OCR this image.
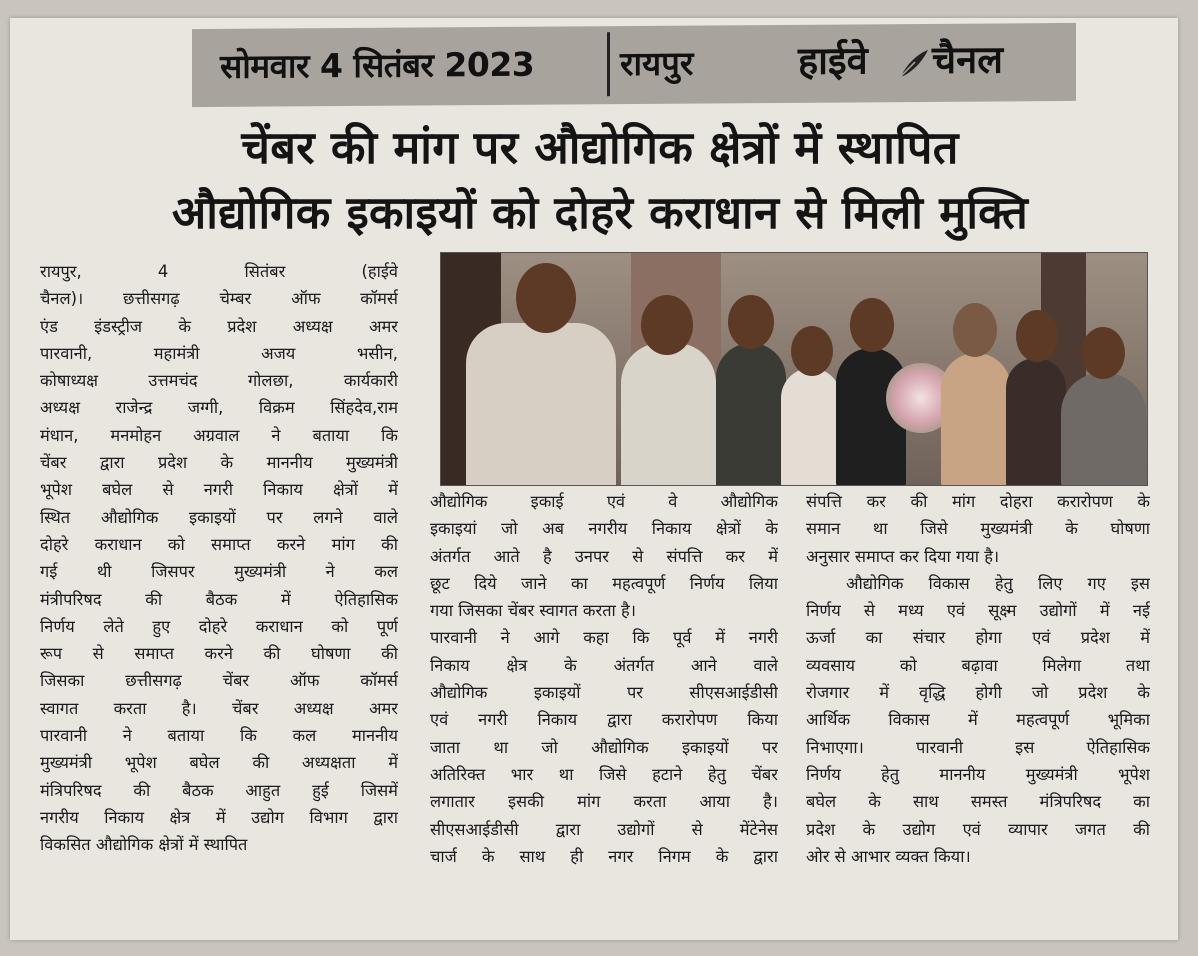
सोमवार 4 सितंबर 2023	रायपुर	हाईवे चैनल
चेंबर की मांग पर औद्योगिक क्षेत्रों में स्थापित
औद्योगिक इकाइयों को दोहरे कराधान से मिली मुक्ति

रायपुर, 4 सितंबर (हाईवे

चैनल)। छत्तीसगढ़ चेम्बर ऑफ कॉमर्स

एंड इंडस्ट्रीज के प्रदेश अध्यक्ष अमर

पारवानी, महामंत्री अजय भसीन,

कोषाध्यक्ष उत्तमचंद गोलछा, कार्यकारी

अध्यक्ष राजेन्द्र जग्गी, विक्रम सिंहदेव,राम

मंधान, मनमोहन अग्रवाल ने बताया कि

चेंबर द्वारा प्रदेश के माननीय मुख्यमंत्री

भूपेश बघेल से नगरी निकाय क्षेत्रों में

स्थित औद्योगिक इकाइयों पर लगने वाले

दोहरे कराधान को समाप्त करने मांग की

गई थी जिसपर मुख्यमंत्री ने कल

मंत्रीपरिषद की बैठक में ऐतिहासिक

निर्णय लेते हुए दोहरे कराधान को पूर्ण

रूप से समाप्त करने की घोषणा की

जिसका छत्तीसगढ़ चेंबर ऑफ कॉमर्स

स्वागत करता है। चेंबर अध्यक्ष अमर

पारवानी ने बताया कि कल माननीय

मुख्यमंत्री भूपेश बघेल की अध्यक्षता में

मंत्रिपरिषद की बैठक आहुत हुई जिसमें

नगरीय निकाय क्षेत्र में उद्योग विभाग द्वारा

विकसित औद्योगिक क्षेत्रों में स्थापित

औद्योगिक इकाई एवं वे औद्योगिक

इकाइयां जो अब नगरीय निकाय क्षेत्रों के

अंतर्गत आते है उनपर से संपत्ति कर में

छूट दिये जाने का महत्वपूर्ण निर्णय लिया

गया जिसका चेंबर स्वागत करता है।

पारवानी ने आगे कहा कि पूर्व में नगरी

निकाय क्षेत्र के अंतर्गत आने वाले

औद्योगिक इकाइयों पर सीएसआईडीसी

एवं नगरी निकाय द्वारा करारोपण किया

जाता था जो औद्योगिक इकाइयों पर

अतिरिक्त भार था जिसे हटाने हेतु चेंबर

लगातार इसकी मांग करता आया है।

सीएसआईडीसी द्वारा उद्योगों से मेंटेनेस

चार्ज के साथ ही नगर निगम के द्वारा

संपत्ति कर की मांग दोहरा करारोपण के

समान था जिसे मुख्यमंत्री के घोषणा

अनुसार समाप्त कर दिया गया है।

औद्योगिक विकास हेतु लिए गए इस

निर्णय से मध्य एवं सूक्ष्म उद्योगों में नई

ऊर्जा का संचार होगा एवं प्रदेश में

व्यवसाय को बढ़ावा मिलेगा तथा

रोजगार में वृद्धि होगी जो प्रदेश के

आर्थिक विकास में महत्वपूर्ण भूमिका

निभाएगा। पारवानी इस ऐतिहासिक

निर्णय हेतु माननीय मुख्यमंत्री भूपेश

बघेल के साथ समस्त मंत्रिपरिषद का

प्रदेश के उद्योग एवं व्यापार जगत की

ओर से आभार व्यक्त किया।
